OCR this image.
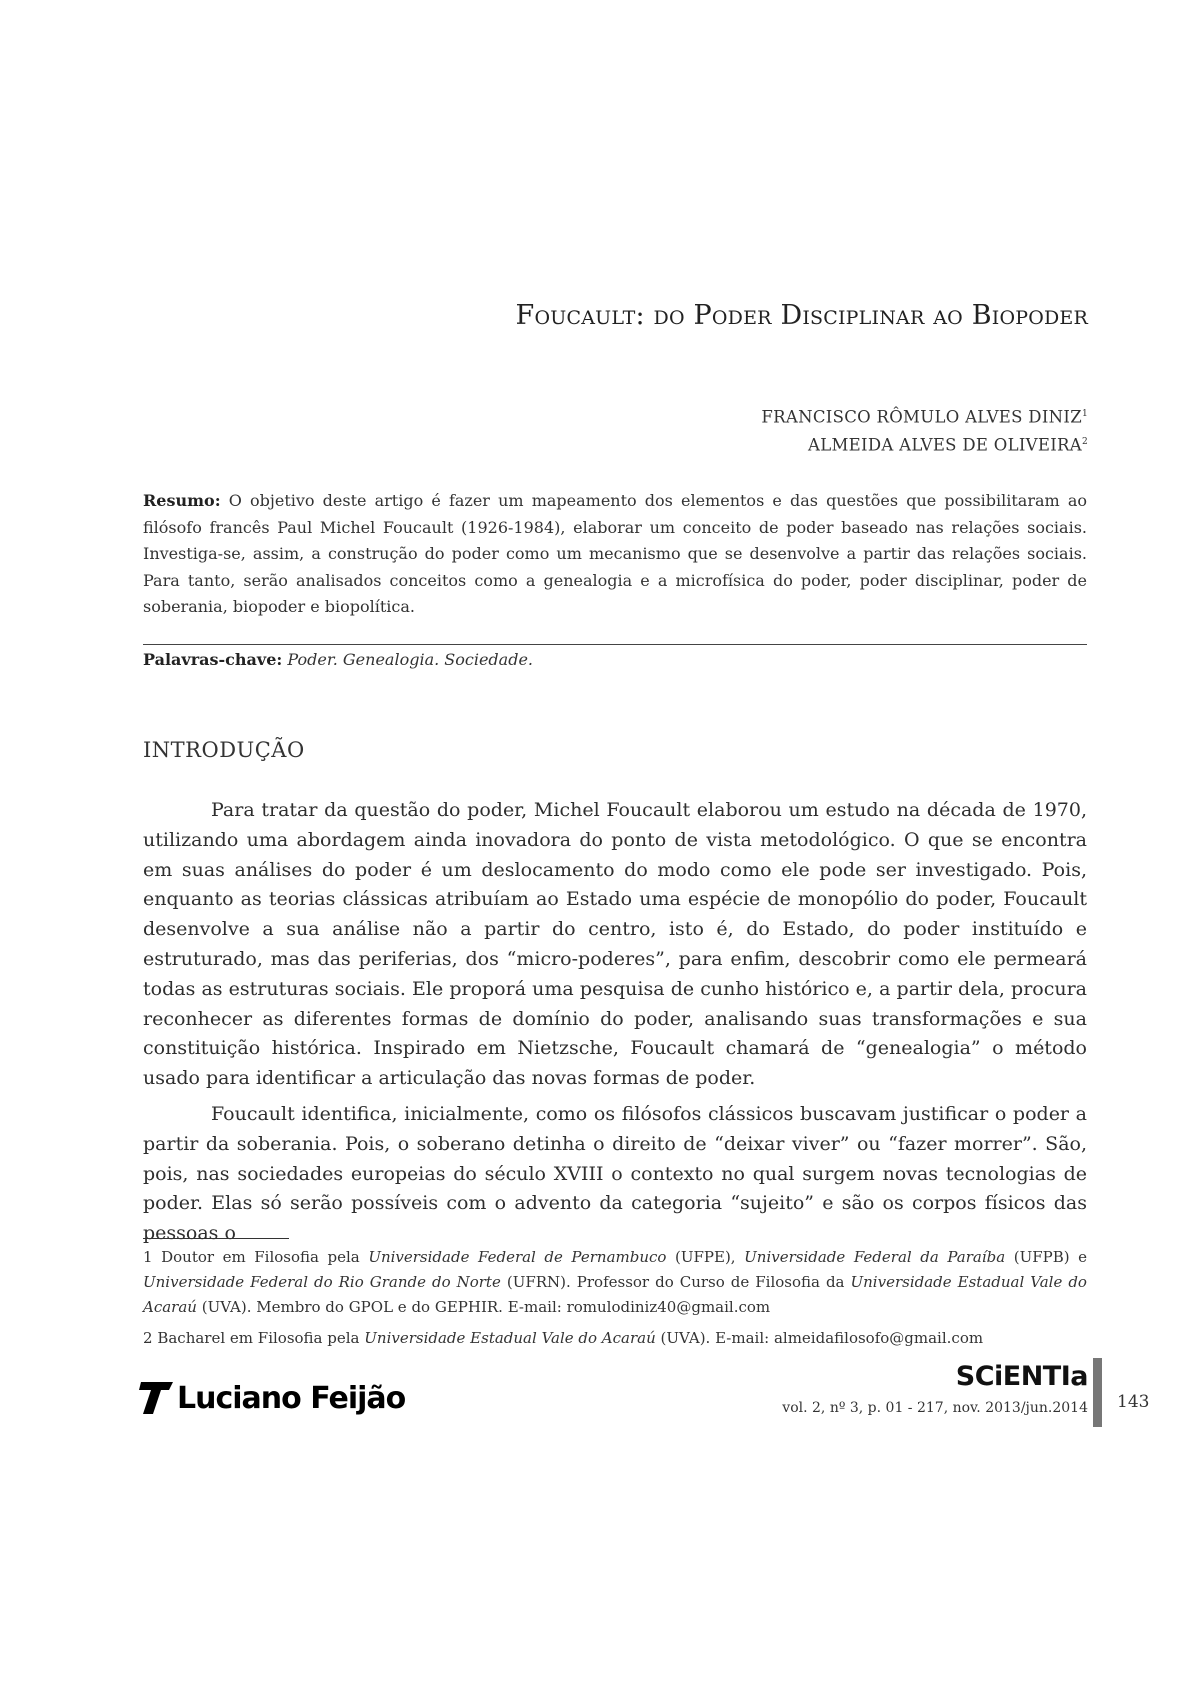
Foucault: do Poder Disciplinar ao Biopoder
FRANCISCO RÔMULO ALVES DINIZ$^1$
ALMEIDA ALVES DE OLIVEIRA$^2$

Resumo: O objetivo deste artigo é fazer um mapeamento dos elementos e das questões que possibilitaram ao filósofo francês Paul Michel Foucault (1926-1984), elaborar um conceito de poder baseado nas relações sociais. Investiga-se, assim, a construção do poder como um mecanismo que se desenvolve a partir das relações sociais. Para tanto, serão analisados conceitos como a genealogia e a microfísica do poder, poder disciplinar, poder de soberania, biopoder e biopolítica.

Palavras-chave: Poder. Genealogia. Sociedade.

INTRODUÇÃO

Para tratar da questão do poder, Michel Foucault elaborou um estudo na década de 1970, utilizando uma abordagem ainda inovadora do ponto de vista metodológico. O que se encontra em suas análises do poder é um deslocamento do modo como ele pode ser investigado. Pois, enquanto as teorias clássicas atribuíam ao Estado uma espécie de monopólio do poder, Foucault desenvolve a sua análise não a partir do centro, isto é, do Estado, do poder instituído e estruturado, mas das periferias, dos “micro-poderes”, para enfim, descobrir como ele permeará todas as estruturas sociais. Ele proporá uma pesquisa de cunho histórico e, a partir dela, procura reconhecer as diferentes formas de domínio do poder, analisando suas transformações e sua constituição histórica. Inspirado em Nietzsche, Foucault chamará de “genealogia” o método usado para identificar a articulação das novas formas de poder.

Foucault identifica, inicialmente, como os filósofos clássicos buscavam justificar o poder a partir da soberania. Pois, o soberano detinha o direito de “deixar viver” ou “fazer morrer”. São, pois, nas sociedades europeias do século XVIII o contexto no qual surgem novas tecnologias de poder. Elas só serão possíveis com o advento da categoria “sujeito” e são os corpos físicos das pessoas o

1 Doutor em Filosofia pela Universidade Federal de Pernambuco (UFPE), Universidade Federal da Paraíba (UFPB) e Universidade Federal do Rio Grande do Norte (UFRN). Professor do Curso de Filosofia da Universidade Estadual Vale do Acaraú (UVA). Membro do GPOL e do GEPHIR. E-mail: romulodiniz40@gmail.com

2 Bacharel em Filosofia pela Universidade Estadual Vale do Acaraú (UVA). E-mail: almeidafilosofo@gmail.com

Luciano Feijão
SCiENTIa
vol. 2, nº 3, p. 01 - 217, nov. 2013/jun.2014 143
